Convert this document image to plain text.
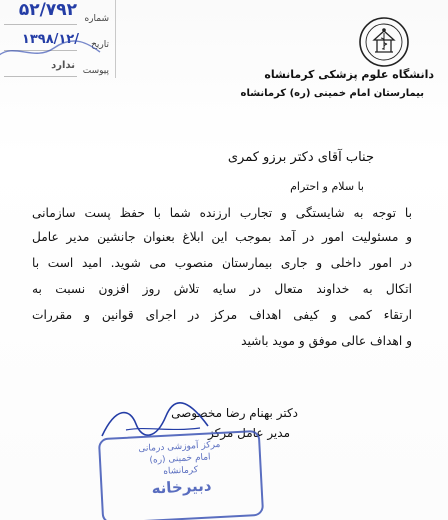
شماره
۵۲/۷۹۲
تاریخ
۱۳۹۸/۱۲/
پیوست
ندارد
دانشگاه علوم پزشکی کرمانشاه
بیمارستان امام خمینی (ره) کرمانشاه
جناب آقای دکتر برزو کمری
با سلام و احترام
با توجه به شایستگی و تجارب ارزنده شما با حفظ پست سازمانی
و مسئولیت امور در آمد بموجب این ابلاغ بعنوان جانشین مدیر عامل
در امور داخلی و جاری بیمارستان منصوب می شوید. امید است با
اتکال به خداوند متعال در سایه تلاش روز افزون نسبت به
ارتقاء کمی و کیفی اهداف مرکز در اجرای قوانین و مقررات
و اهداف عالی موفق و موید باشید
دکتر بهنام رضا مخصوصی
مدیر عامل مرکز
مرکز آموزشی درمانی
امام خمینی (ره)
کرمانشاه
دبیرخانه
